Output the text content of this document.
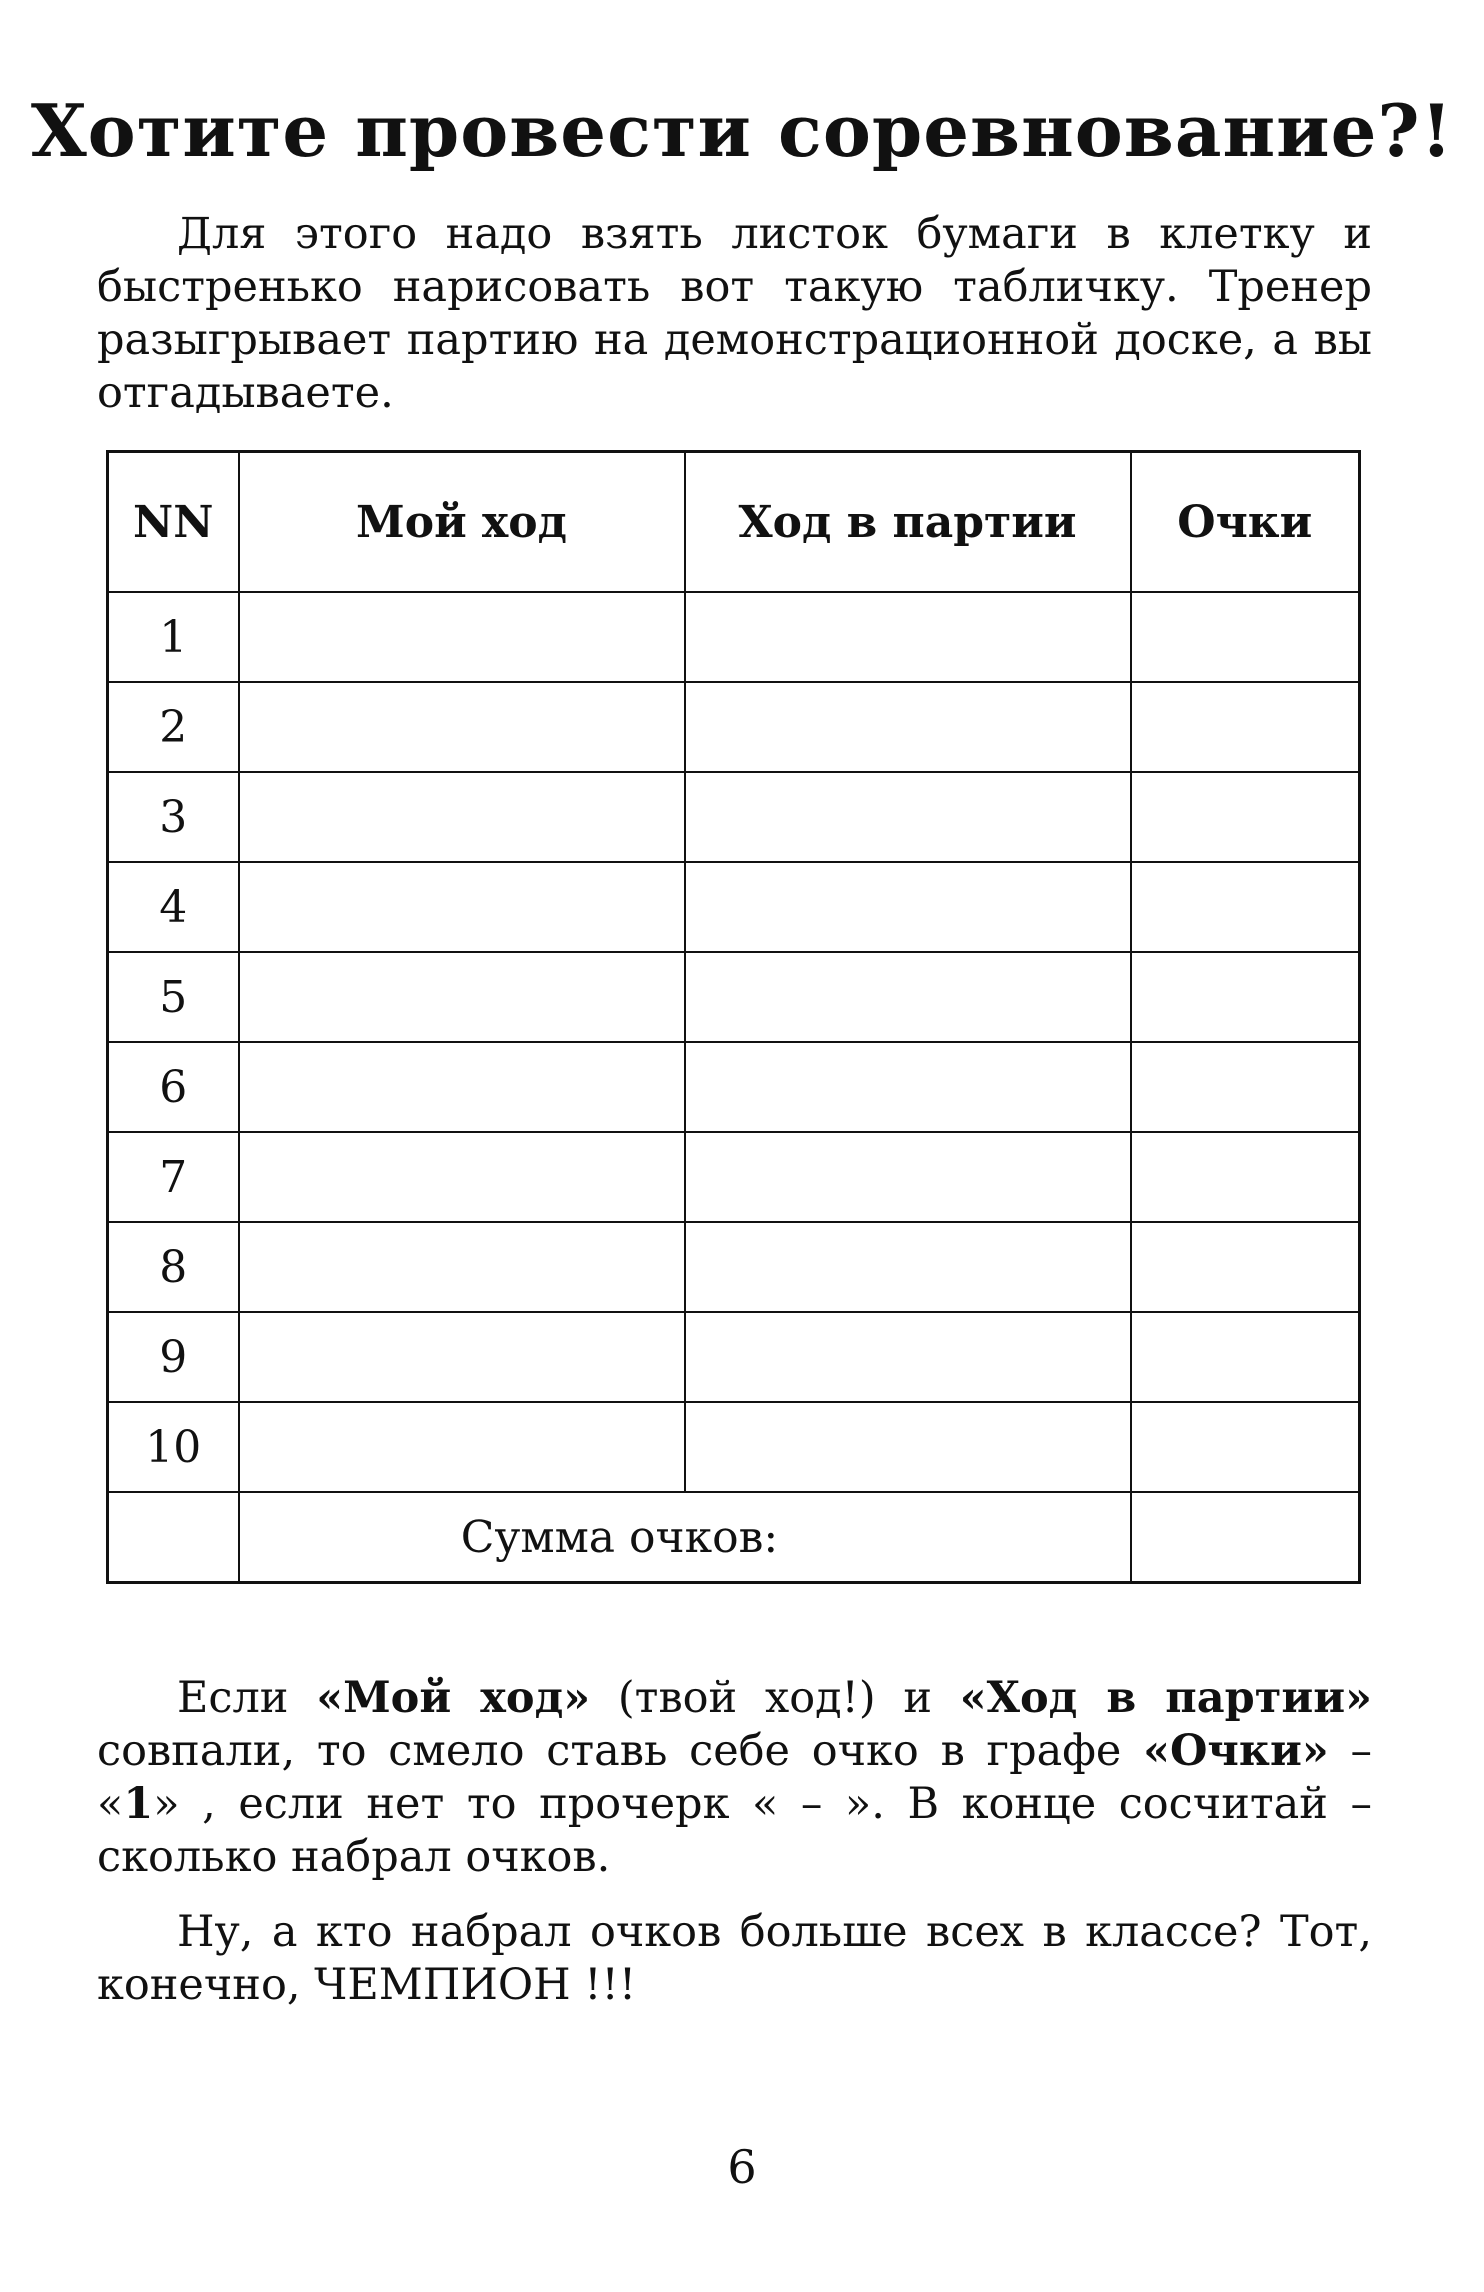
Хотите провести соревнование?!

Для этого надо взять листок бумаги в клетку и быстренько нарисовать вот такую табличку. Тренер разыгрывает партию на демонстрационной доске, а вы отгадываете.

NN	Мой ход	Ход в партии	Очки
1			
2			
3			
4			
5			
6			
7			
8			
9			
10			
	Сумма очков:		

Если «Мой ход» (твой ход!) и «Ход в партии» совпали, то смело ставь себе очко в графе «Очки» – «1» , если нет то прочерк « – ». В конце сосчитай – сколько набрал очков.

Ну, а кто набрал очков больше всех в классе? Тот, конечно, ЧЕМПИОН !!!

6
